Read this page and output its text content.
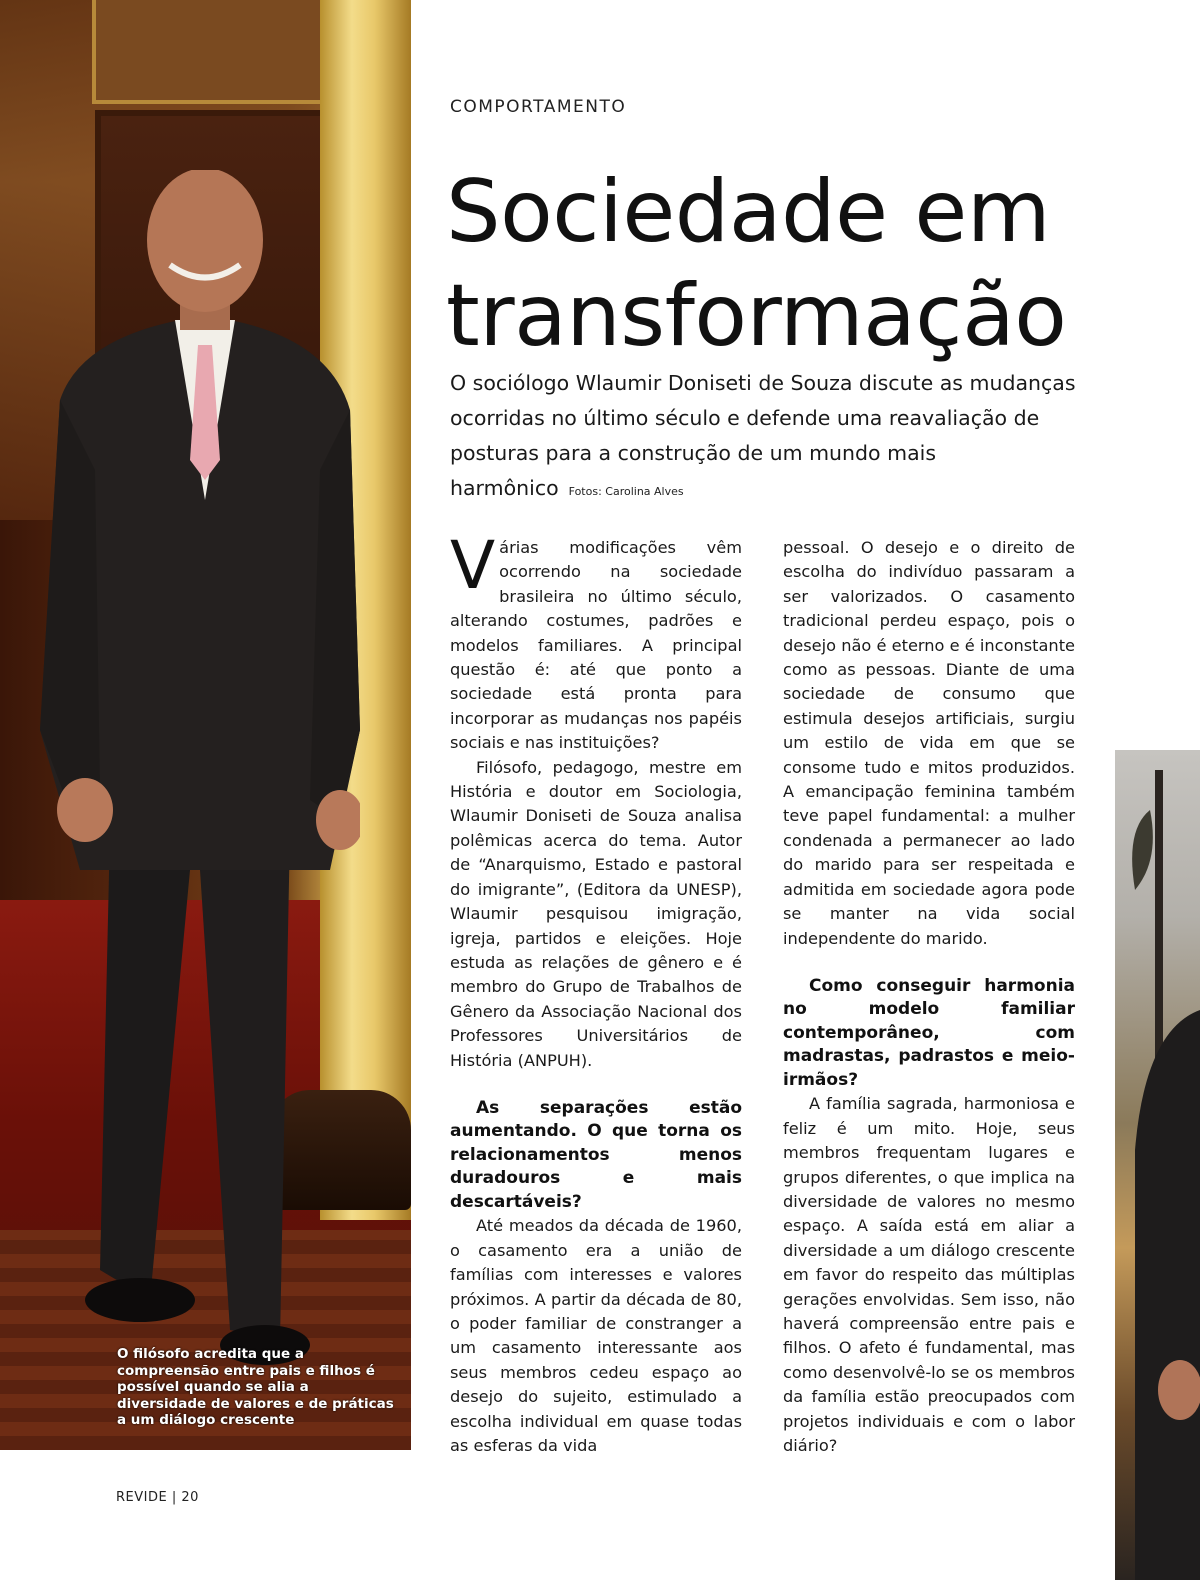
O filósofo acredita que a compreensão entre pais e filhos é possível quando se alia a diversidade de valores e de práticas a um diálogo crescente
COMPORTAMENTO
Sociedade em
transformação

O sociólogo Wlaumir Doniseti de Souza discute as mudanças ocorridas no último século e defende uma reavaliação de posturas para a construção de um mundo mais harmônico Fotos: Carolina Alves

Várias modificações vêm ocorrendo na sociedade brasileira no último século, alterando costumes, padrões e modelos familiares. A principal questão é: até que ponto a sociedade está pronta para incorporar as mudanças nos papéis sociais e nas instituições?

Filósofo, pedagogo, mestre em História e doutor em Sociologia, Wlaumir Doniseti de Souza analisa polêmicas acerca do tema. Autor de “Anarquismo, Estado e pastoral do imigrante”, (Editora da UNESP), Wlaumir pesquisou imigração, igreja, partidos e eleições. Hoje estuda as relações de gênero e é membro do Grupo de Trabalhos de Gênero da Associação Nacional dos Professores Universitários de História (ANPUH).

As separações estão aumentando. O que torna os relacionamentos menos duradouros e mais descartáveis?

Até meados da década de 1960, o casamento era a união de famílias com interesses e valores próximos. A partir da década de 80, o poder familiar de constranger a um casamento interessante aos seus membros cedeu espaço ao desejo do sujeito, estimulado a escolha individual em quase todas as esferas da vida

pessoal. O desejo e o direito de escolha do indivíduo passaram a ser valorizados. O casamento tradicional perdeu espaço, pois o desejo não é eterno e é inconstante como as pessoas. Diante de uma sociedade de consumo que estimula desejos artificiais, surgiu um estilo de vida em que se consome tudo e mitos produzidos. A emancipação feminina também teve papel fundamental: a mulher condenada a permanecer ao lado do marido para ser respeitada e admitida em sociedade agora pode se manter na vida social independente do marido.

Como conseguir harmonia no modelo familiar contemporâneo, com madrastas, padrastos e meio-irmãos?

A família sagrada, harmoniosa e feliz é um mito. Hoje, seus membros frequentam lugares e grupos diferentes, o que implica na diversidade de valores no mesmo espaço. A saída está em aliar a diversidade a um diálogo crescente em favor do respeito das múltiplas gerações envolvidas. Sem isso, não haverá compreensão entre pais e filhos. O afeto é fundamental, mas como desenvolvê-lo se os membros da família estão preocupados com projetos individuais e com o labor diário?

REVIDE | 20
